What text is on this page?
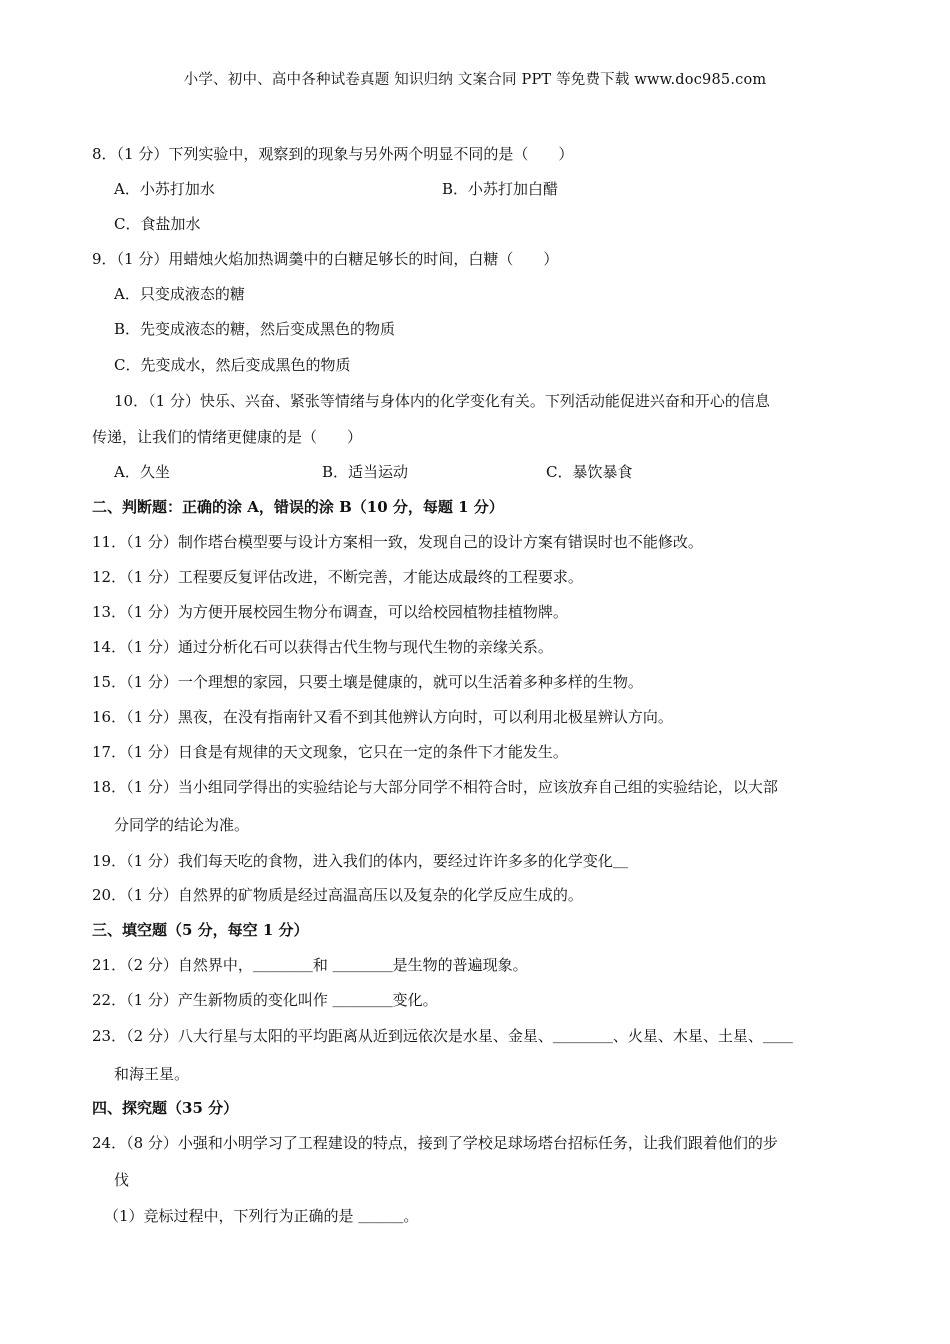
小学、初中、高中各种试卷真题 知识归纳 文案合同 PPT 等免费下载 www.doc985.com
8．（1 分）下列实验中，观察到的现象与另外两个明显不同的是（　　）
A．小苏打加水	B．小苏打加白醋
C．食盐加水
9．（1 分）用蜡烛火焰加热调羹中的白糖足够长的时间，白糖（　　）
A．只变成液态的糖
B．先变成液态的糖，然后变成黑色的物质
C．先变成水，然后变成黑色的物质
10．（1 分）快乐、兴奋、紧张等情绪与身体内的化学变化有关。下列活动能促进兴奋和开心的信息
传递，让我们的情绪更健康的是（　　）
A．久坐	B．适当运动	C．暴饮暴食
二、判断题：正确的涂 A，错误的涂 B（10 分，每题 1 分）
11．（1 分）制作塔台模型要与设计方案相一致，发现自己的设计方案有错误时也不能修改。
12．（1 分）工程要反复评估改进，不断完善，才能达成最终的工程要求。
13．（1 分）为方便开展校园生物分布调查，可以给校园植物挂植物牌。
14．（1 分）通过分析化石可以获得古代生物与现代生物的亲缘关系。
15．（1 分）一个理想的家园，只要土壤是健康的，就可以生活着多种多样的生物。
16．（1 分）黑夜，在没有指南针又看不到其他辨认方向时，可以利用北极星辨认方向。
17．（1 分）日食是有规律的天文现象，它只在一定的条件下才能发生。
18．（1 分）当小组同学得出的实验结论与大部分同学不相符合时，应该放弃自己组的实验结论，以大部
分同学的结论为准。
19．（1 分）我们每天吃的食物，进入我们的体内，要经过许许多多的化学变化＿
20．（1 分）自然界的矿物质是经过高温高压以及复杂的化学反应生成的。
三、填空题（5 分，每空 1 分）
21．（2 分）自然界中，＿＿＿＿和 ＿＿＿＿是生物的普遍现象。
22．（1 分）产生新物质的变化叫作 ＿＿＿＿变化。
23．（2 分）八大行星与太阳的平均距离从近到远依次是水星、金星、＿＿＿＿、火星、木星、土星、＿＿
和海王星。
四、探究题（35 分）
24．（8 分）小强和小明学习了工程建设的特点，接到了学校足球场塔台招标任务，让我们跟着他们的步
伐
（1）竞标过程中，下列行为正确的是 ＿＿＿。
